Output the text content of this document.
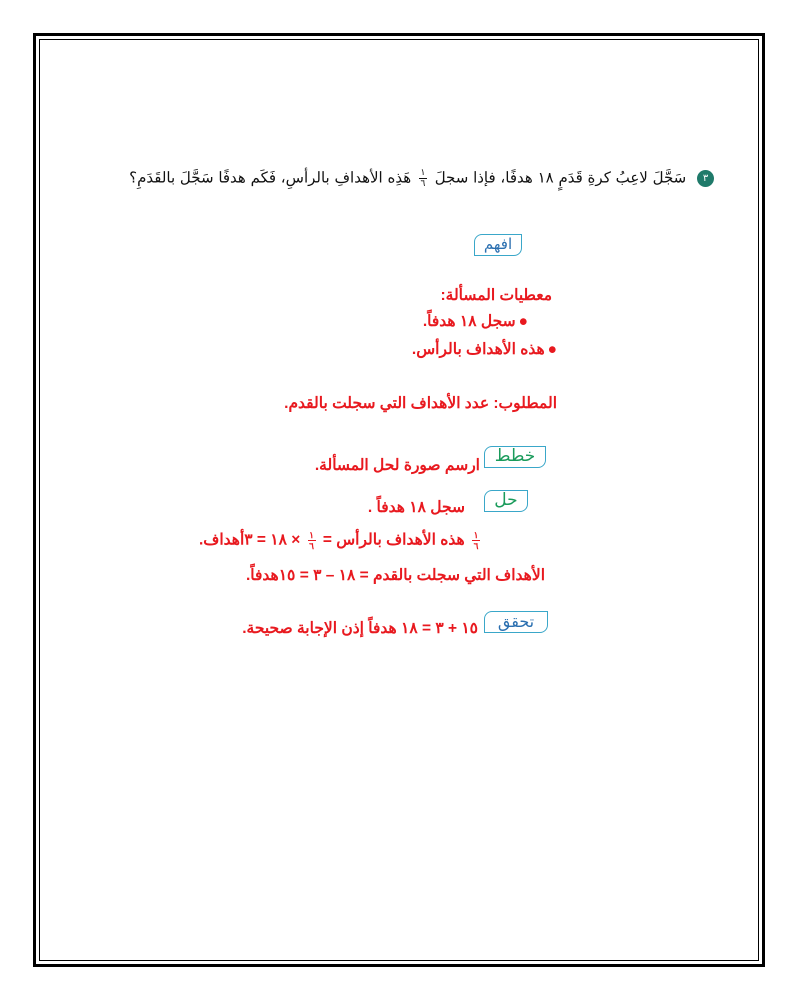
٣ سَجَّلَ لاعِبُ كرةِ قَدَمٍ ١٨ هدفًا، فإذا سجلَ
$\frac{١}{٦}$
هَذِه الأهدافِ بالرأسِ، فَكَم هدفًا سَجَّلَ بالقَدَمِ؟
افهم
معطيات المسألة:
●سجل ١٨ هدفاً.
●هذه الأهداف بالرأس.
المطلوب: عدد الأهداف التي سجلت بالقدم.
خطط
ارسم صورة لحل المسألة.
حل
سجل ١٨ هدفاً .
$\frac{١}{٦}$
هذه الأهداف بالرأس =
$\frac{١}{٦}$
× ١٨ = ٣أهداف.
الأهداف التي سجلت بالقدم = ١٨ – ٣ = ١٥هدفاً.
تحقق
١٥ + ٣ = ١٨ هدفاً إذن الإجابة صحيحة.
